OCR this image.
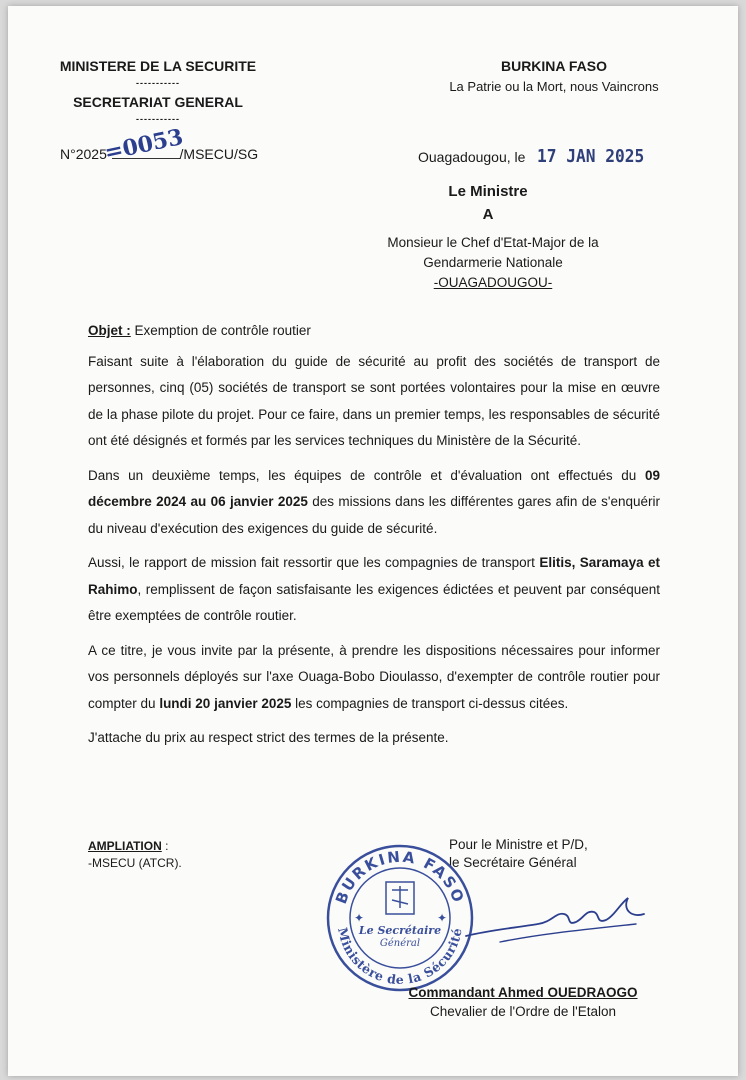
MINISTERE DE LA SECURITE
-----------
SECRETARIAT GENERAL
-----------
N°2025-	/MSECU/SG
=0053
BURKINA FASO
La Patrie ou la Mort, nous Vaincrons
Ouagadougou, le 17 JAN 2025
Le Ministre
A
Monsieur le Chef d'Etat-Major de la
Gendarmerie Nationale
-OUAGADOUGOU-

Objet : Exemption de contrôle routier

Faisant suite à l'élaboration du guide de sécurité au profit des sociétés de transport de personnes, cinq (05) sociétés de transport se sont portées volontaires pour la mise en œuvre de la phase pilote du projet. Pour ce faire, dans un premier temps, les responsables de sécurité ont été désignés et formés par les services techniques du Ministère de la Sécurité.

Dans un deuxième temps, les équipes de contrôle et d'évaluation ont effectués du 09 décembre 2024 au 06 janvier 2025 des missions dans les différentes gares afin de s'enquérir du niveau d'exécution des exigences du guide de sécurité.

Aussi, le rapport de mission fait ressortir que les compagnies de transport Elitis, Saramaya et Rahimo, remplissent de façon satisfaisante les exigences édictées et peuvent par conséquent être exemptées de contrôle routier.

A ce titre, je vous invite par la présente, à prendre les dispositions nécessaires pour informer vos personnels déployés sur l'axe Ouaga-Bobo Dioulasso, d'exempter de contrôle routier pour compter du lundi 20 janvier 2025 les compagnies de transport ci-dessus citées.

J'attache du prix au respect strict des termes de la présente.

AMPLIATION :
-MSECU (ATCR).
Pour le Ministre et P/D,
le Secrétaire Général
BURKINA FASO
Ministère de la Sécurité
✦	✦
Le Secrétaire
Général
Commandant Ahmed OUEDRAOGO
Chevalier de l'Ordre de l'Etalon
